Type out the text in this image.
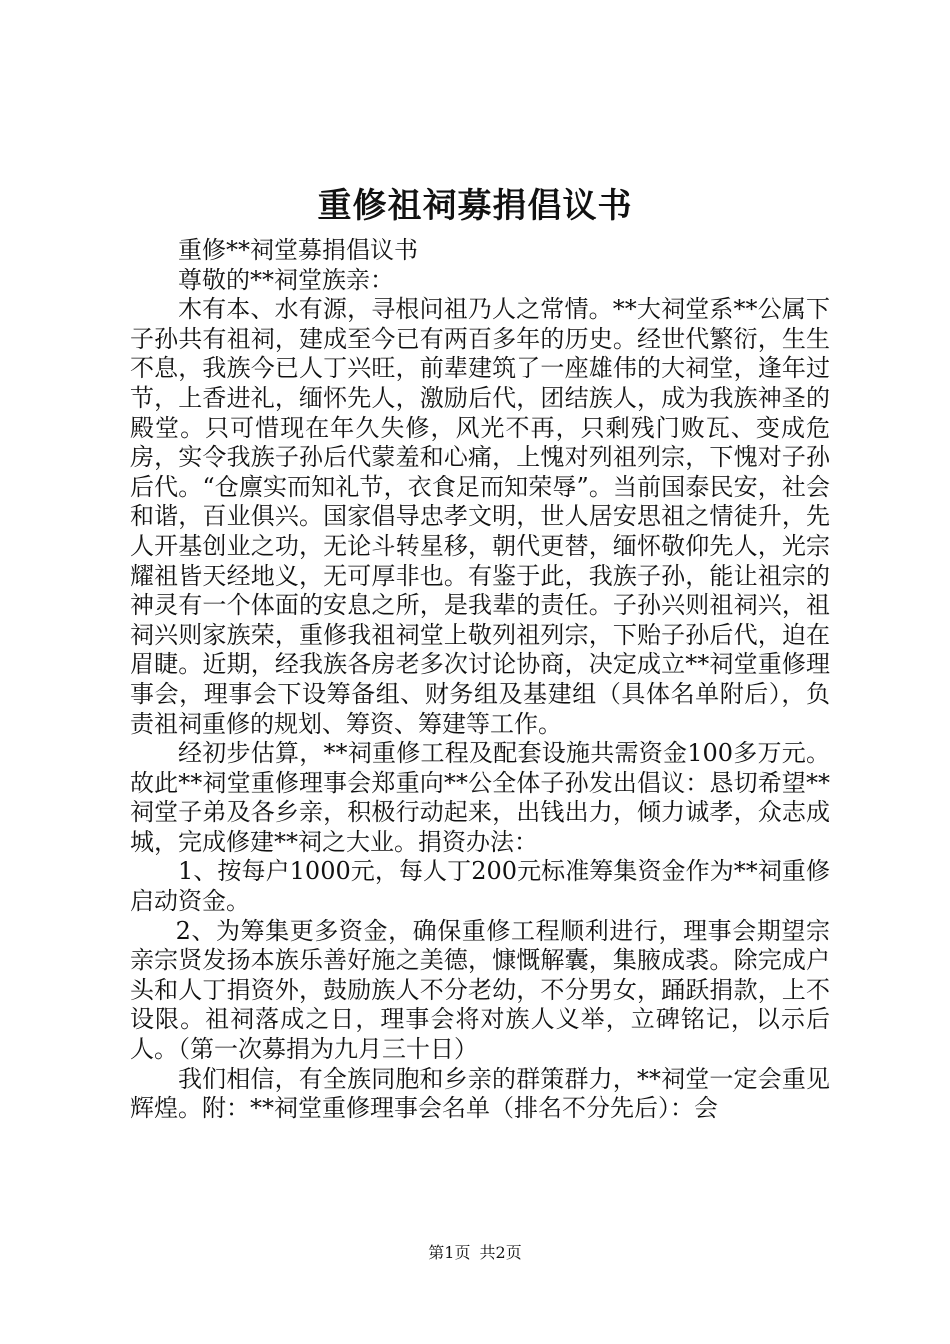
重修祖祠募捐倡议书

重修**祠堂募捐倡议书

尊敬的**祠堂族亲：

木有本、水有源，寻根问祖乃人之常情。**大祠堂系**公属下子孙共有祖祠，建成至今已有两百多年的历史。经世代繁衍，生生不息，我族今已人丁兴旺，前辈建筑了一座雄伟的大祠堂，逢年过节，上香进礼，缅怀先人，激励后代，团结族人，成为我族神圣的殿堂。只可惜现在年久失修，风光不再，只剩残门败瓦、变成危房，实令我族子孙后代蒙羞和心痛，上愧对列祖列宗，下愧对子孙后代。“仓廪实而知礼节，衣食足而知荣辱”。当前国泰民安，社会和谐，百业俱兴。国家倡导忠孝文明，世人居安思祖之情徒升，先人开基创业之功，无论斗转星移，朝代更替，缅怀敬仰先人，光宗耀祖皆天经地义，无可厚非也。有鉴于此，我族子孙，能让祖宗的神灵有一个体面的安息之所，是我辈的责任。子孙兴则祖祠兴，祖祠兴则家族荣，重修我祖祠堂上敬列祖列宗，下贻子孙后代，迫在眉睫。近期，经我族各房老多次讨论协商，决定成立**祠堂重修理事会，理事会下设筹备组、财务组及基建组（具体名单附后），负责祖祠重修的规划、筹资、筹建等工作。

经初步估算，**祠重修工程及配套设施共需资金100多万元。故此**祠堂重修理事会郑重向**公全体子孙发出倡议：恳切希望**祠堂子弟及各乡亲，积极行动起来，出钱出力，倾力诚孝，众志成城，完成修建**祠之大业。捐资办法：

1、按每户1000元，每人丁200元标准筹集资金作为**祠重修启动资金。

2、为筹集更多资金，确保重修工程顺利进行，理事会期望宗亲宗贤发扬本族乐善好施之美德，慷慨解囊，集腋成裘。除完成户头和人丁捐资外，鼓励族人不分老幼，不分男女，踊跃捐款，上不设限。祖祠落成之日，理事会将对族人义举，立碑铭记，以示后人。（第一次募捐为九月三十日）

我们相信，有全族同胞和乡亲的群策群力，**祠堂一定会重见辉煌。附：**祠堂重修理事会名单（排名不分先后）：会

第1页 共2页
